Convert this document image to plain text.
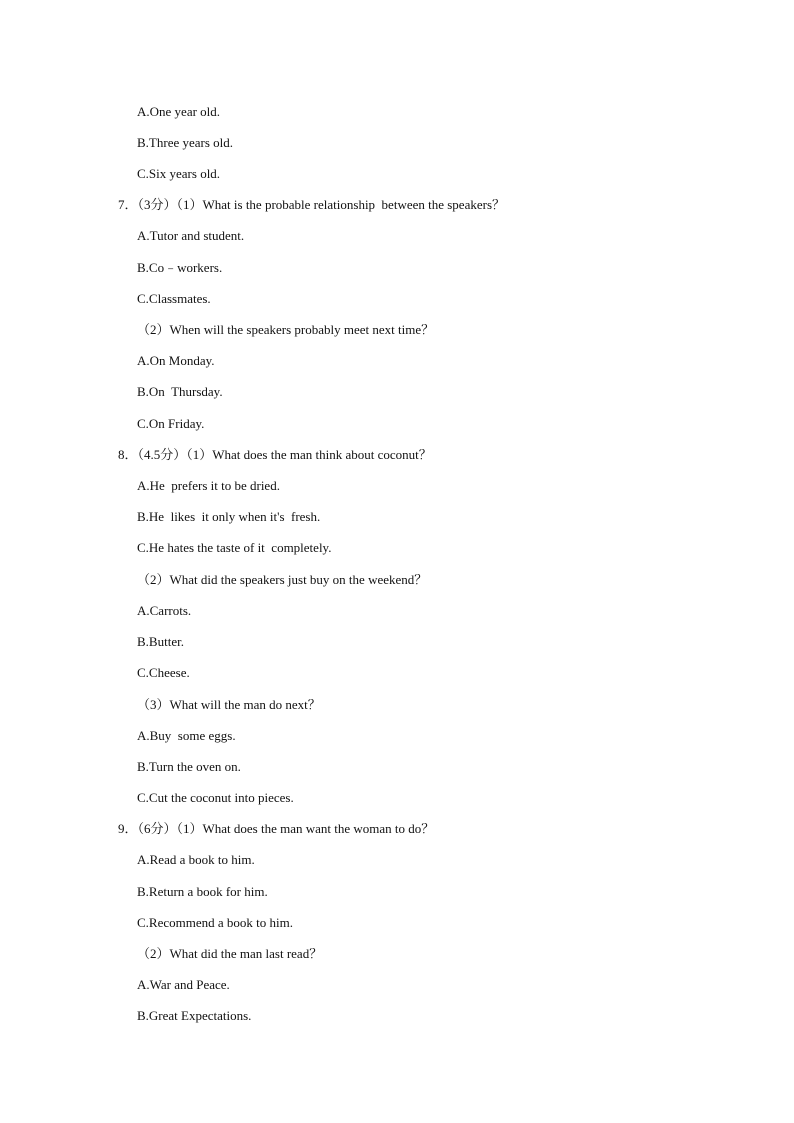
A.One year old.
B.Three years old.
C.Six years old.
7．（3分）（1）What is the probable relationship  between the speakers？
A.Tutor and student.
B.Co﹣workers.
C.Classmates.
（2）When will the speakers probably meet next time？
A.On Monday.
B.On  Thursday.
C.On Friday.
8．（4.5分）（1）What does the man think about coconut？
A.He  prefers it to be dried.
B.He  likes  it only when it's  fresh.
C.He hates the taste of it  completely.
（2）What did the speakers just buy on the weekend？
A.Carrots.
B.Butter.
C.Cheese.
（3）What will the man do next？
A.Buy  some eggs.
B.Turn the oven on.
C.Cut the coconut into pieces.
9．（6分）（1）What does the man want the woman to do？
A.Read a book to him.
B.Return a book for him.
C.Recommend a book to him.
（2）What did the man last read？
A.War and Peace.
B.Great Expectations.
